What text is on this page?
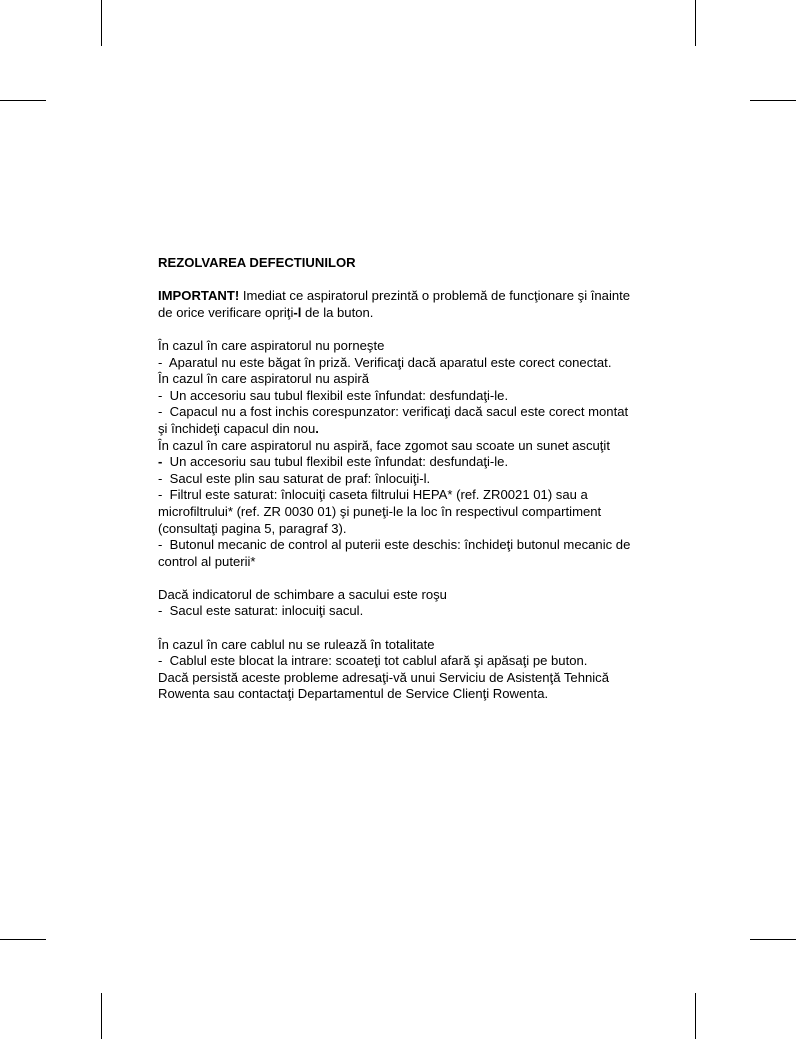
REZOLVAREA DEFECTIUNILOR

IMPORTANT! Imediat ce aspiratorul prezintă o problemă de funcţionare şi înainte de orice verificare opriţi-l de la buton.

În cazul în care aspiratorul nu porneşte

-  Aparatul nu este băgat în priză. Verificaţi dacă aparatul este corect conectat.

În cazul în care aspiratorul nu aspiră

-  Un accesoriu sau tubul flexibil este înfundat: desfundaţi-le.

-  Capacul nu a fost inchis corespunzator: verificaţi dacă sacul este corect montat şi închideţi capacul din nou.

În cazul în care aspiratorul nu aspiră, face zgomot sau scoate un sunet ascuţit

-  Un accesoriu sau tubul flexibil este înfundat: desfundaţi-le.

-  Sacul este plin sau saturat de praf: înlocuiţi-l.

-  Filtrul este saturat: înlocuiţi caseta filtrului HEPA* (ref. ZR0021 01) sau a microfiltrului* (ref. ZR 0030 01) şi puneţi-le la loc în respectivul compartiment (consultaţi pagina 5, paragraf 3).

-  Butonul mecanic de control al puterii este deschis: închideţi butonul mecanic de control al puterii*

Dacă indicatorul de schimbare a sacului este roşu

-  Sacul este saturat: inlocuiţi sacul.

În cazul în care cablul nu se rulează în totalitate

-  Cablul este blocat la intrare: scoateţi tot cablul afară şi apăsaţi pe buton.

Dacă persistă aceste probleme adresaţi-vă unui Serviciu de Asistenţă Tehnică Rowenta sau contactaţi Departamentul de Service Clienţi Rowenta.
